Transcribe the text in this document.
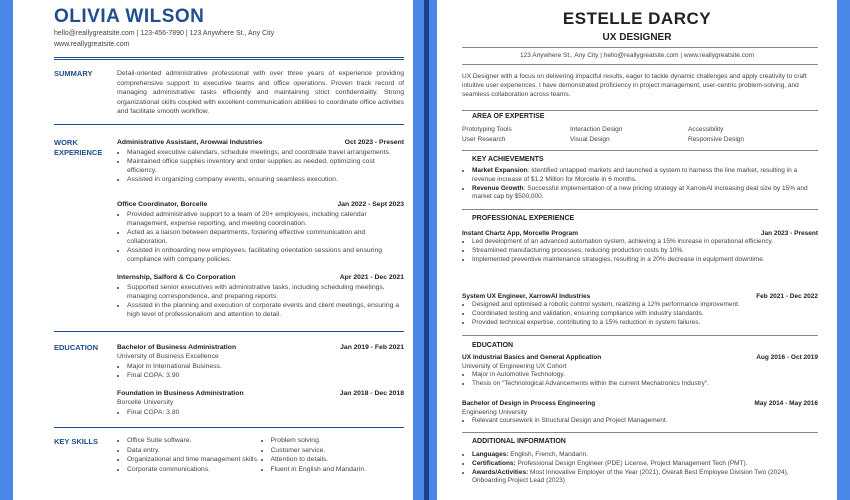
OLIVIA WILSON
hello@reallygreatsite.com | 123-456-7890 | 123 Anywhere St., Any City
www.reallygreatsite.com
SUMMARY	Detail-oriented administrative professional with over three years of experience providing comprehensive support to executive teams and office operations. Proven track record of managing administrative tasks efficiently and maintaining strict confidentiality. Strong organizational skills coupled with excellent communication abilities to coordinate office activities and facilitate smooth workflow.
WORK EXPERIENCE
Administrative Assistant, Arowwai Industries	Oct 2023 - Present
• Managed executive calendars, schedule meetings, and coordinate travel arrangements.
• Maintained office supplies inventory and order supplies as needed, optimizing cost efficiency.
• Assisted in organizing company events, ensuring seamless execution.
Office Coordinator, Borcelle	Jan 2022 - Sept 2023
• Provided administrative support to a team of 20+ employees, including calendar management, expense reporting, and meeting coordination.
• Acted as a liaison between departments, fostering effective communication and collaboration.
• Assisted in onboarding new employees, facilitating orientation sessions and ensuring compliance with company policies.
Internship, Salford & Co Corporation	Apr 2021 - Dec 2021
• Supported senior executives with administrative tasks, including scheduling meetings, managing correspondence, and preparing reports.
• Assisted in the planning and execution of corporate events and client meetings, ensuring a high level of professionalism and attention to detail.
EDUCATION	Bachelor of Business Administration	Jan 2019 - Feb 2021
University of Business Excellence
• Major in International Business.
• Final CGPA: 3.90
Foundation in Business Administration	Jan 2018 - Dec 2018
Borcelle University
• Final CGPA: 3.80
KEY SKILLS
•	Office Suite software.
• Data entry.
• Organizational and time management skills.
• Corporate communications.
• Problem solving.
• Customer service.
• Attention to details.
• Fluent in English and Mandarin.
ESTELLE DARCY
UX DESIGNER
123 Anywhere St., Any City | hello@reallygreatsite.com | www.reallygreatsite.com
UX Designer with a focus on delivering impactful results, eager to tackle dynamic challenges and apply creativity to craft intuitive user experiences. I have demonstrated proficiency in project management, user-centric problem-solving, and seamless collaboration across teams.
AREA OF EXPERTISE
Prototyping Tools	Interaction Design	Accessibility
User Research	Visual Design	Responsive Design
KEY ACHIEVEMENTS
• Market Expansion: Identified untapped markets and launched a system to harness the line market, resulting in a revenue increase of $1.2 Million for Morcelle in 6 months.
• Revenue Growth: Successful implementation of a new pricing strategy at XarrowAI increasing deal size by 15% and market cap by $500,000.
PROFESSIONAL EXPERIENCE
Instant Chartz App, Morcelle Program	Jan 2023 - Present
• Led development of an advanced automation system, achieving a 15% increase in operational efficiency.
• Streamlined manufacturing processes, reducing production costs by 10%.
• Implemented preventive maintenance strategies, resulting in a 20% decrease in equipment downtime.
System UX Engineer, XarrowAI Industries	Feb 2021 - Dec 2022
• Designed and optimised a robotic control system, realizing a 12% performance improvement.
• Coordinated testing and validation, ensuring compliance with industry standards.
• Provided technical expertise, contributing to a 15% reduction in system failures.
EDUCATION
UX Industrial Basics and General Application	Aug 2016 - Oct 2019
University of Engineering UX Cohort
• Major in Automotive Technology.
• Thesis on "Technological Advancements within the current Mechatronics Industry".
Bachelor of Design in Process Engineering	May 2014 - May 2016
Engineering University
• Relevant coursework in Structural Design and Project Management.
ADDITIONAL INFORMATION
• Languages: English, French, Mandarin.
• Certifications: Professional Design Engineer (PDE) License, Project Management Tech (PMT).
• Awards/Activities: Most Innovative Employer of the Year (2021), Overall Best Employee Division Two (2024), Onboarding Project Lead (2023)
